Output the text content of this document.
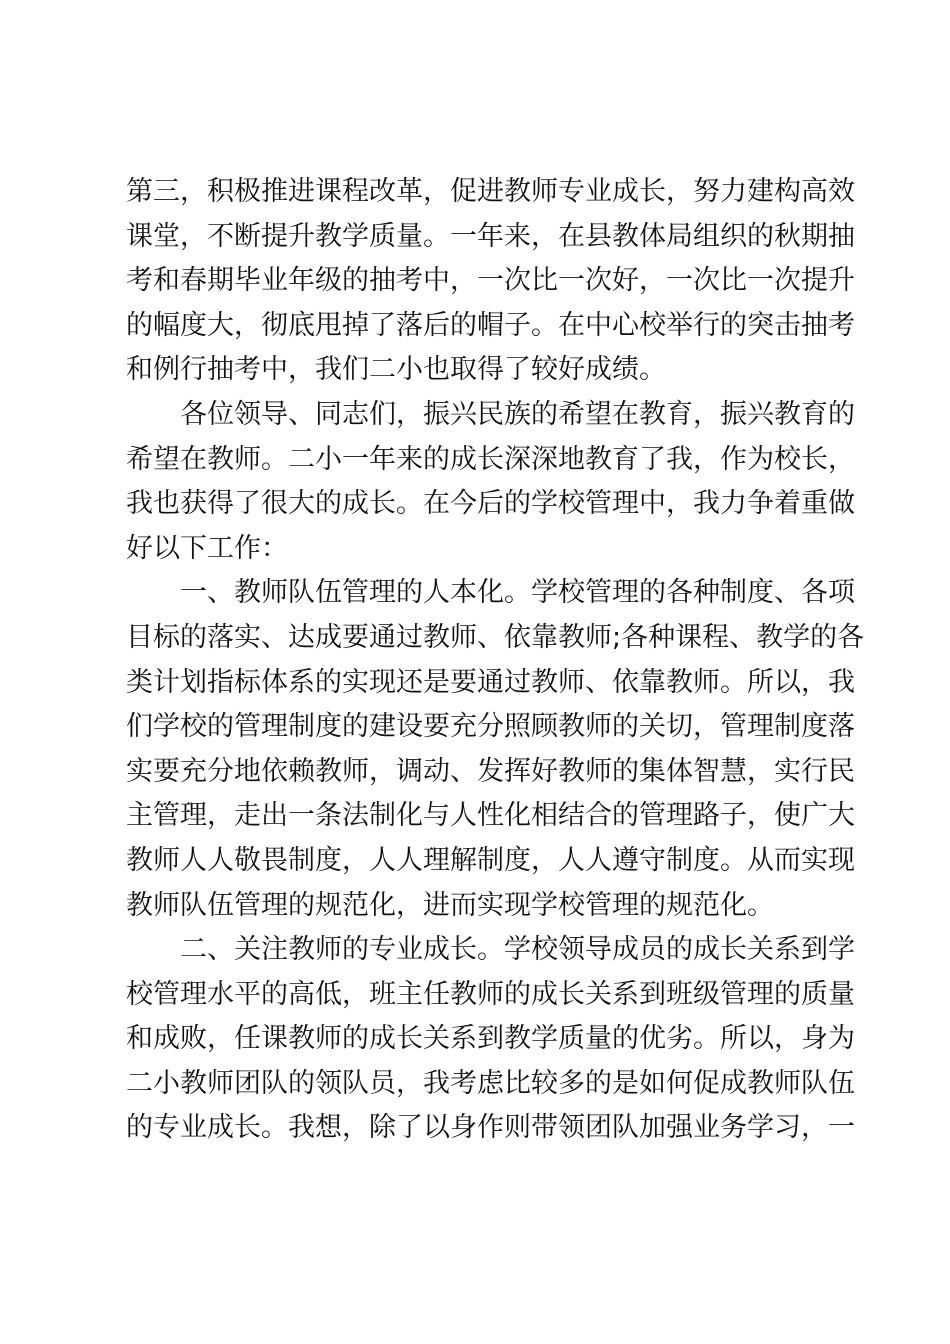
第三，积极推进课程改革，促进教师专业成长，努力建构高效
课堂，不断提升教学质量。一年来，在县教体局组织的秋期抽
考和春期毕业年级的抽考中，一次比一次好，一次比一次提升
的幅度大，彻底甩掉了落后的帽子。在中心校举行的突击抽考
和例行抽考中，我们二小也取得了较好成绩。
各位领导、同志们，振兴民族的希望在教育，振兴教育的
希望在教师。二小一年来的成长深深地教育了我，作为校长，
我也获得了很大的成长。在今后的学校管理中，我力争着重做
好以下工作：
一、教师队伍管理的人本化。学校管理的各种制度、各项
目标的落实、达成要通过教师、依靠教师;各种课程、教学的各
类计划指标体系的实现还是要通过教师、依靠教师。所以，我
们学校的管理制度的建设要充分照顾教师的关切，管理制度落
实要充分地依赖教师，调动、发挥好教师的集体智慧，实行民
主管理，走出一条法制化与人性化相结合的管理路子，使广大
教师人人敬畏制度，人人理解制度，人人遵守制度。从而实现
教师队伍管理的规范化，进而实现学校管理的规范化。
二、关注教师的专业成长。学校领导成员的成长关系到学
校管理水平的高低，班主任教师的成长关系到班级管理的质量
和成败，任课教师的成长关系到教学质量的优劣。所以，身为
二小教师团队的领队员，我考虑比较多的是如何促成教师队伍
的专业成长。我想，除了以身作则带领团队加强业务学习，一
